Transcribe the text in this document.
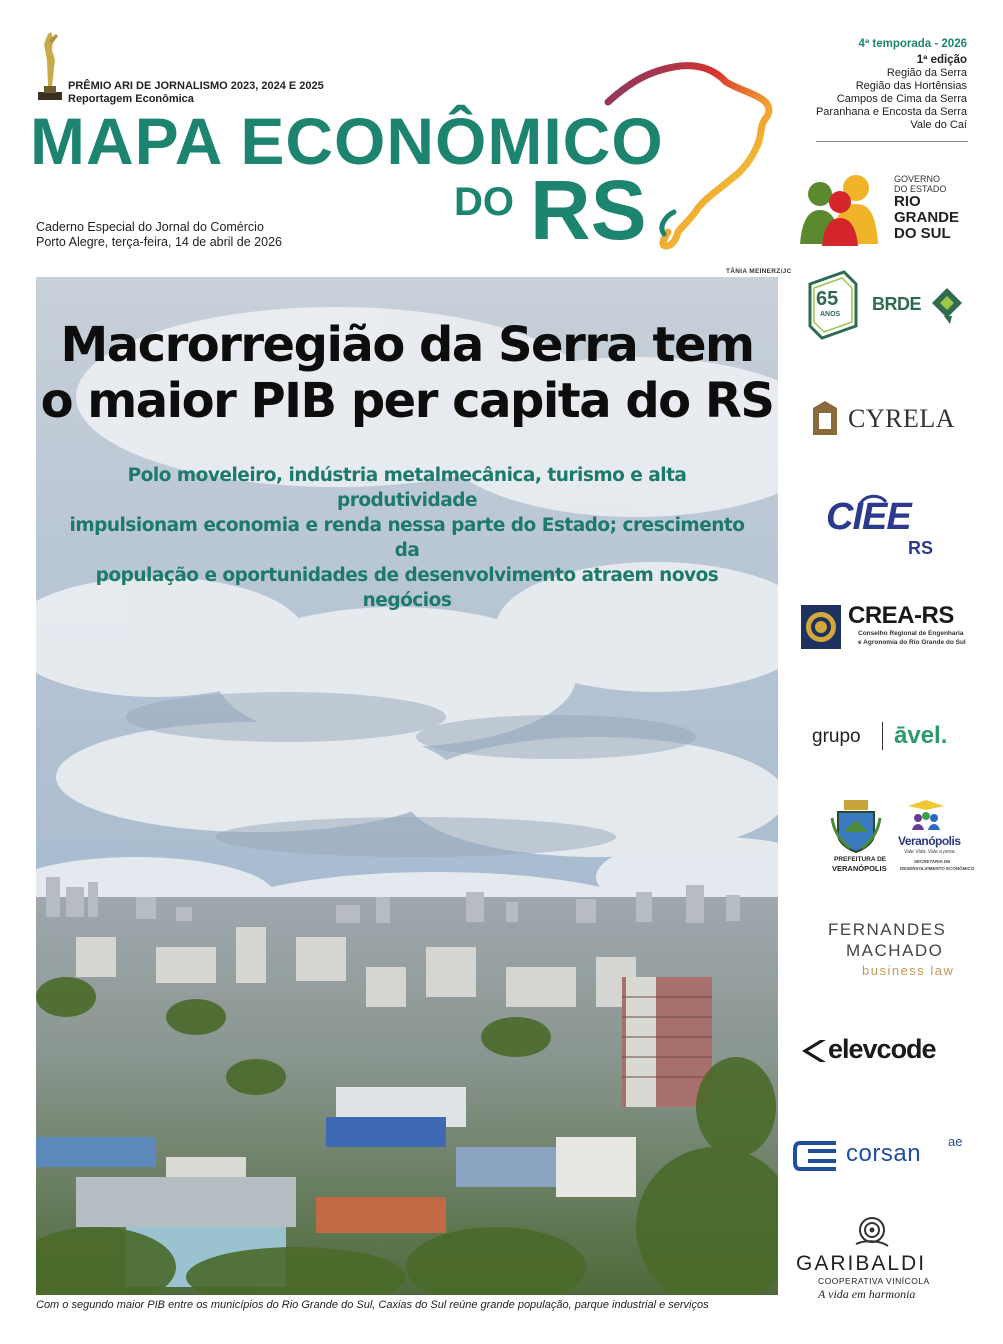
PRÊMIO ARI DE JORNALISMO 2023, 2024 E 2025
Reportagem Econômica
MAPA ECONÔMICO
DO RS
Caderno Especial do Jornal do Comércio
Porto Alegre, terça-feira, 14 de abril de 2026
4ª temporada - 2026
1ª edição
Região da Serra
Região das Hortênsias
Campos de Cima da Serra
Paranhana e Encosta da Serra
Vale do Caí
TÂNIA MEINERZ/JC
Macrorregião da Serra tem
o maior PIB per capita do RS
Polo moveleiro, indústria metalmecânica, turismo e alta produtividade
impulsionam economia e renda nessa parte do Estado; crescimento da
população e oportunidades de desenvolvimento atraem novos negócios
Com o segundo maior PIB entre os municípios do Rio Grande do Sul, Caxias do Sul reúne grande população, parque industrial e serviços
GOVERNO
DO ESTADO
RIO
GRANDE
DO SUL
65
ANOS
BRDE
CYRELA
CIEE
RS
CREA-RS
Conselho Regional de Engenharia
e Agronomia do Rio Grande do Sul
grupo āvel.
PREFEITURA DE
VERANÓPOLIS
Veranópolis
Vale Vida. Vale a pena.
SECRETARIA DE
DESENVOLVIMENTO ECONÔMICO
FERNANDES
MACHADO
business law
elevcode
corsan ae
GARIBALDI
COOPERATIVA VINÍCOLA
A vida em harmonia
